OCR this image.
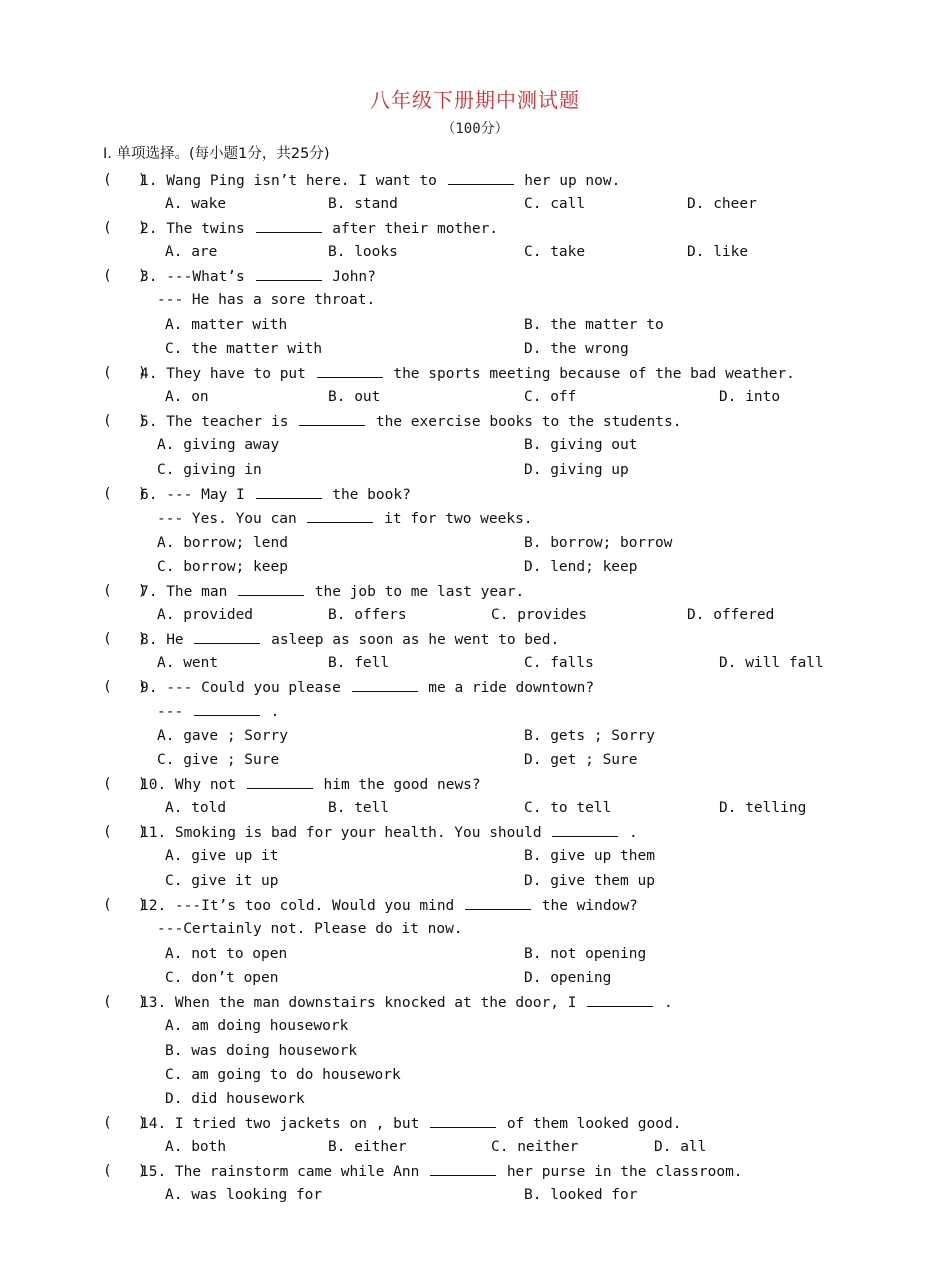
八年级下册期中测试题
（100分）
Ⅰ. 单项选择。(每小题1分，共25分)
(   )
1. Wang Ping isn’t here. I want to	her up now.
A. wake	B. stand	C. call	D. cheer
(   )
2. The twins	after their mother.
A. are	B. looks	C. take	D. like
(   )
3. ---What’s	John?
--- He has a sore throat.
A. matter with	B. the matter to
C. the matter with	D. the wrong
(   )
4. They have to put	the sports meeting because of the bad weather.
A. on	B. out	C. off	D. into
(   )
5. The teacher is	the exercise books to the students.
A. giving away	B. giving out
C. giving in	D. giving up
(   )
6. --- May I	the book?
--- Yes. You can	it for two weeks.
A. borrow; lend	B. borrow; borrow
C. borrow; keep	D. lend; keep
(   )
7. The man	the job to me last year.
A. provided	B. offers	C. provides	D. offered
(   )
8. He	asleep as soon as he went to bed.
A. went	B. fell	C. falls	D. will fall
(   )
9. --- Could you please	me a ride downtown?
---	.
A. gave ; Sorry	B. gets ; Sorry
C. give ; Sure	D. get ; Sure
(   )
10. Why not	him the good news?
A. told	B. tell	C. to tell	D. telling
(   )
11. Smoking is bad for your health. You should	.
A. give up it	B. give up them
C. give it up	D. give them up
(   )
12. ---It’s too cold. Would you mind	the window?
---Certainly not. Please do it now.
A. not to open	B. not opening
C. don’t open	D. opening
(   )
13. When the man downstairs knocked at the door, I	.
A. am doing housework
B. was doing housework
C. am going to do housework
D. did housework
(   )
14. I tried two jackets on , but	of them looked good.
A. both	B. either	C. neither	D. all
(   )
15. The rainstorm came while Ann	her purse in the classroom.
A. was looking for	B. looked for
